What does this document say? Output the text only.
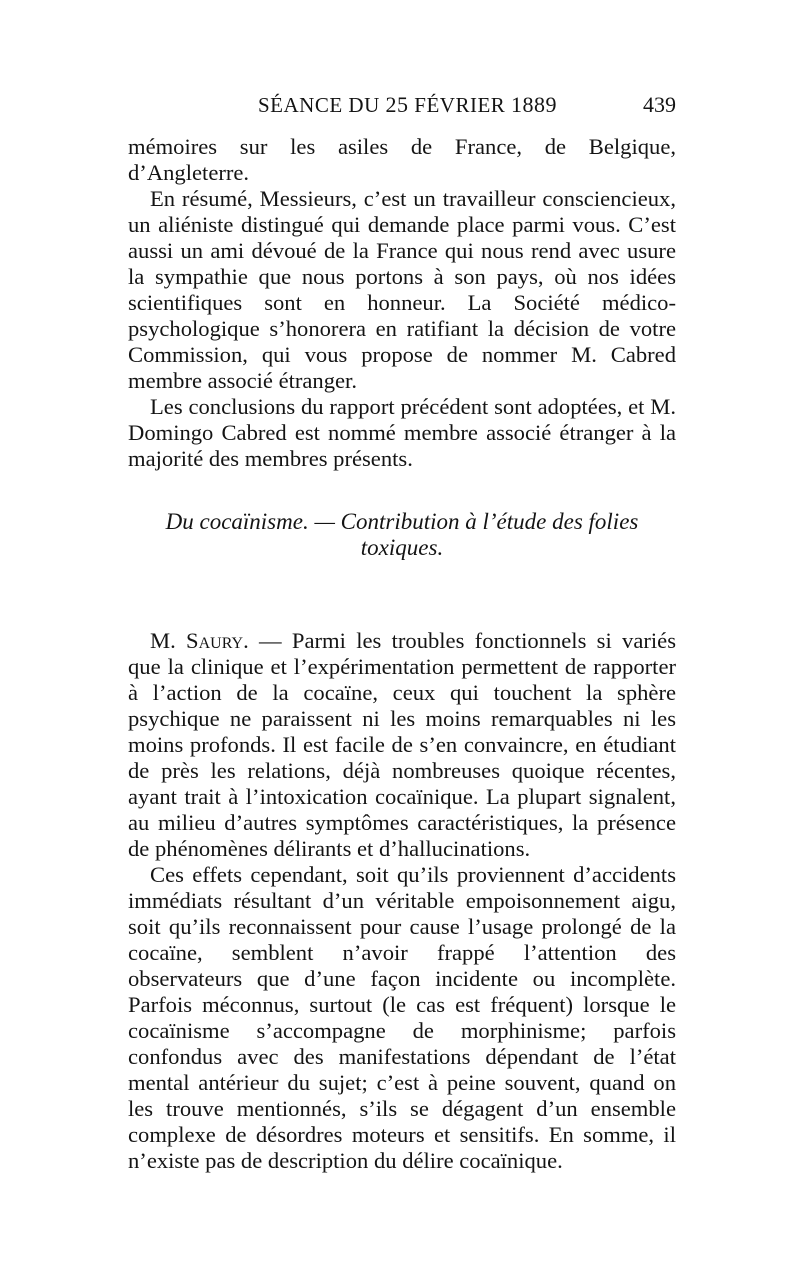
SÉANCE DU 25 FÉVRIER 1889	439

mémoires sur les asiles de France, de Belgique, d’Angleterre.

En résumé, Messieurs, c’est un travailleur consciencieux, un aliéniste distingué qui demande place parmi vous. C’est aussi un ami dévoué de la France qui nous rend avec usure la sympathie que nous portons à son pays, où nos idées scientifiques sont en honneur. La Société médico-psychologique s’honorera en ratifiant la décision de votre Commission, qui vous propose de nommer M. Cabred membre associé étranger.

Les conclusions du rapport précédent sont adoptées, et M. Domingo Cabred est nommé membre associé étranger à la majorité des membres présents.

Du cocaïnisme. — Contribution à l’étude des folies
toxiques.

M. Saury. — Parmi les troubles fonctionnels si variés que la clinique et l’expérimentation permettent de rapporter à l’action de la cocaïne, ceux qui touchent la sphère psychique ne paraissent ni les moins remarquables ni les moins profonds. Il est facile de s’en convaincre, en étudiant de près les relations, déjà nombreuses quoique récentes, ayant trait à l’intoxication cocaïnique. La plupart signalent, au milieu d’autres symptômes caractéristiques, la présence de phénomènes délirants et d’hallucinations.

Ces effets cependant, soit qu’ils proviennent d’accidents immédiats résultant d’un véritable empoisonnement aigu, soit qu’ils reconnaissent pour cause l’usage prolongé de la cocaïne, semblent n’avoir frappé l’attention des observateurs que d’une façon incidente ou incomplète. Parfois méconnus, surtout (le cas est fréquent) lorsque le cocaïnisme s’accompagne de morphinisme; parfois confondus avec des manifestations dépendant de l’état mental antérieur du sujet; c’est à peine souvent, quand on les trouve mentionnés, s’ils se dégagent d’un ensemble complexe de désordres moteurs et sensitifs. En somme, il n’existe pas de description du délire cocaïnique.
